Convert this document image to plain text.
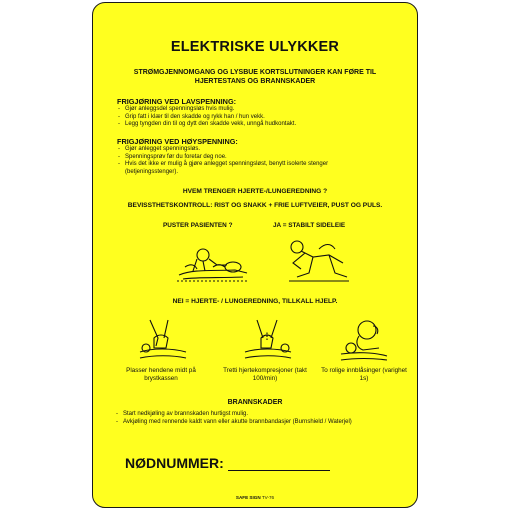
ELEKTRISKE ULYKKER
STRØMGJENNOMGANG OG LYSBUE KORTSLUTNINGER KAN FØRE TIL HJERTESTANS OG BRANNSKADER
FRIGJØRING VED LAVSPENNING:
- Gjør anleggsdel spenningsløs hvis mulig.
- Grip fatt i klær til den skadde og rykk han / hun vekk.
- Legg tyngden din til og dytt den skadde vekk, unngå hudkontakt.
FRIGJØRING VED HØYSPENNING:
- Gjør anlegget spenningsløs.
- Spenningsprøv før du foretar deg noe.
- Hvis det ikke er mulig å gjøre anlegget spenningsløst, benytt isolerte stenger (betjeningsstenger).
HVEM TRENGER HJERTE-/LUNGEREDNING ?
BEVISSTHETSKONTROLL: RIST OG SNAKK + FRIE LUFTVEIER, PUST OG PULS.
PUSTER PASIENTEN ?	JA = STABILT SIDELEIE
NEI = HJERTE- / LUNGEREDNING, TILLKALL HJELP.
Plasser hendene midt på brystkassen
Tretti hjertekompresjoner (takt 100/min)
To rolige innblåsinger (varighet 1s)
BRANNSKADER
- Start nedkjøling av brannskaden hurtigst mulig.
- Avkjøling med rennende kaldt vann eller akutte brannbandasjer (Burnshield / Waterjel)
NØDNUMMER:
SAFE SIGN TV-76
